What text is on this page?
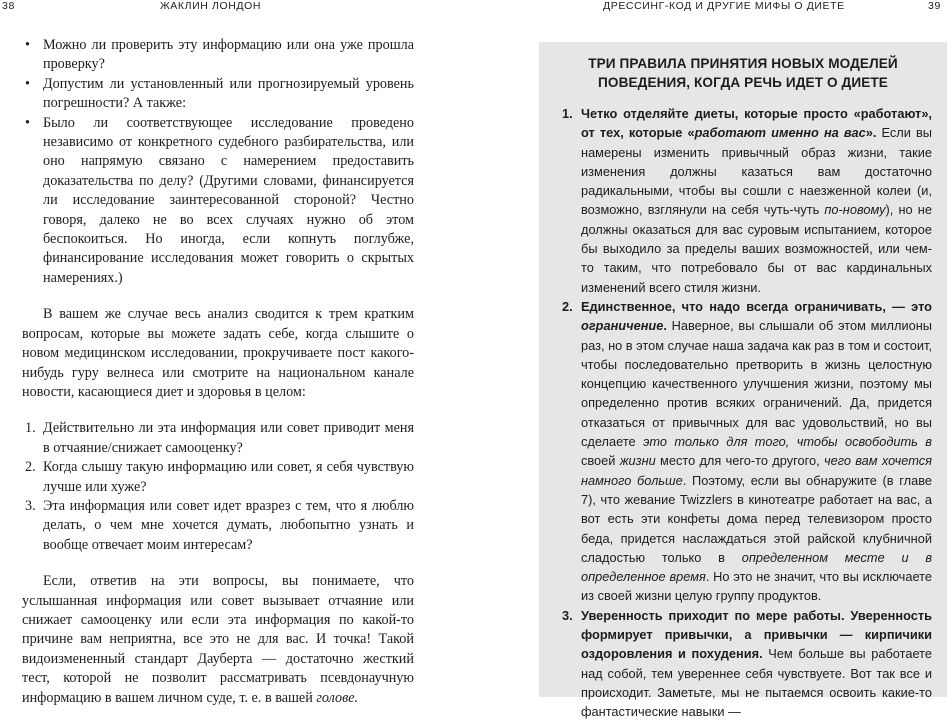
38	ЖАКЛИН ЛОНДОН	ДРЕССИНГ-КОД И ДРУГИЕ МИФЫ О ДИЕТЕ	39
• Можно ли проверить эту информацию или она уже прошла проверку?
• Допустим ли установленный или прогнозируемый уровень погрешности? А также:
• Было ли соответствующее исследование проведено независимо от конкретного судебного разбирательства, или оно напрямую связано с намерением предоставить доказательства по делу? (Другими словами, финансируется ли исследование заинтересованной стороной? Честно говоря, далеко не во всех случаях нужно об этом беспокоиться. Но иногда, если копнуть поглубже, финансирование исследования может говорить о скрытых намерениях.)

В вашем же случае весь анализ сводится к трем кратким вопросам, которые вы можете задать себе, когда слышите о новом медицинском исследовании, прокручиваете пост какого-нибудь гуру велнеса или смотрите на национальном канале новости, касающиеся диет и здоровья в целом:

1. Действительно ли эта информация или совет приводит меня в отчаяние/снижает самооценку?
2. Когда слышу такую информацию или совет, я себя чувствую лучше или хуже?
3. Эта информация или совет идет вразрез с тем, что я люблю делать, о чем мне хочется думать, любопытно узнать и вообще отвечает моим интересам?

Если, ответив на эти вопросы, вы понимаете, что услышанная информация или совет вызывает отчаяние или снижает самооценку или если эта информация по какой-то причине вам неприятна, все это не для вас. И точка! Такой видоизмененный стандарт Дауберта — достаточно жесткий тест, которой не позволит рассматривать псевдонаучную информацию в вашем личном суде, т. е. в вашей голове.

ТРИ ПРАВИЛА ПРИНЯТИЯ НОВЫХ МОДЕЛЕЙ ПОВЕДЕНИЯ, КОГДА РЕЧЬ ИДЕТ О ДИЕТЕ
1. Четко отделяйте диеты, которые просто «работают», от тех, которые «работают именно на вас». Если вы намерены изменить привычный образ жизни, такие изменения должны казаться вам достаточно радикальными, чтобы вы сошли с наезженной колеи (и, возможно, взглянули на себя чуть-чуть по-новому), но не должны оказаться для вас суровым испытанием, которое бы выходило за пределы ваших возможностей, или чем-то таким, что потребовало бы от вас кардинальных изменений всего стиля жизни.
2. Единственное, что надо всегда ограничивать, — это ограничение. Наверное, вы слышали об этом миллионы раз, но в этом случае наша задача как раз в том и состоит, чтобы последовательно претворить в жизнь целостную концепцию качественного улучшения жизни, поэтому мы определенно против всяких ограничений. Да, придется отказаться от привычных для вас удовольствий, но вы сделаете это только для того, чтобы освободить в своей жизни место для чего-то другого, чего вам хочется намного больше. Поэтому, если вы обнаружите (в главе 7), что жевание Twizzlers в кинотеатре работает на вас, а вот есть эти конфеты дома перед телевизором просто беда, придется наслаждаться этой райской клубничной сладостью только в определенном месте и в определенное время. Но это не значит, что вы исключаете из своей жизни целую группу продуктов.
3. Уверенность приходит по мере работы. Уверенность формирует привычки, а привычки — кирпичики оздоровления и похудения. Чем больше вы работаете над собой, тем увереннее себя чувствуете. Вот так все и происходит. Заметьте, мы не пытаемся освоить какие-то фантастические навыки —
